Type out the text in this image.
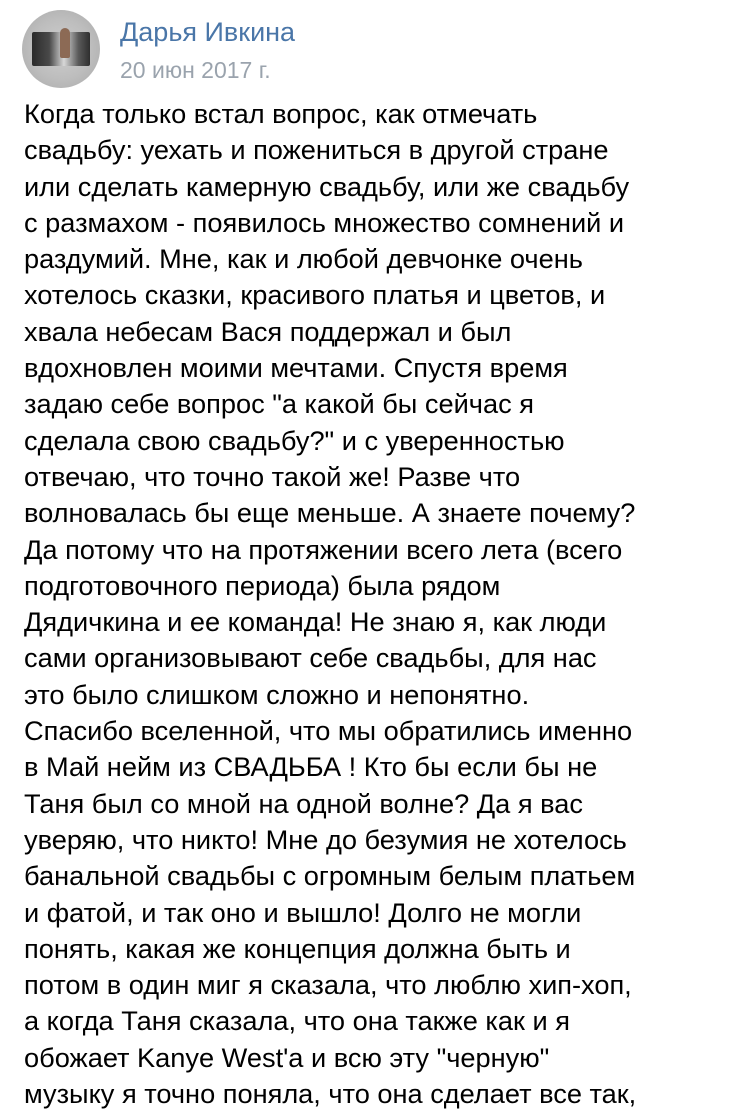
Дарья Ивкина
20 июн 2017 г.
Когда только встал вопрос, как отмечать
свадьбу: уехать и пожениться в другой стране
или сделать камерную свадьбу, или же свадьбу
с размахом - появилось множество сомнений и
раздумий. Мне, как и любой девчонке очень
хотелось сказки, красивого платья и цветов, и
хвала небесам Вася поддержал и был
вдохновлен моими мечтами. Спустя время
задаю себе вопрос "а какой бы сейчас я
сделала свою свадьбу?" и с уверенностью
отвечаю, что точно такой же! Разве что
волновалась бы еще меньше. А знаете почему?
Да потому что на протяжении всего лета (всего
подготовочного периода) была рядом
Дядичкина и ее команда! Не знаю я, как люди
сами организовывают себе свадьбы, для нас
это было слишком сложно и непонятно.
Спасибо вселенной, что мы обратились именно
в Май нейм из СВАДЬБА ! Кто бы если бы не
Таня был со мной на одной волне? Да я вас
уверяю, что никто! Мне до безумия не хотелось
банальной свадьбы с огромным белым платьем
и фатой, и так оно и вышло! Долго не могли
понять, какая же концепция должна быть и
потом в один миг я сказала, что люблю хип-хоп,
а когда Таня сказала, что она также как и я
обожает Kanye West'a и всю эту "черную"
музыку я точно поняла, что она сделает все так,
